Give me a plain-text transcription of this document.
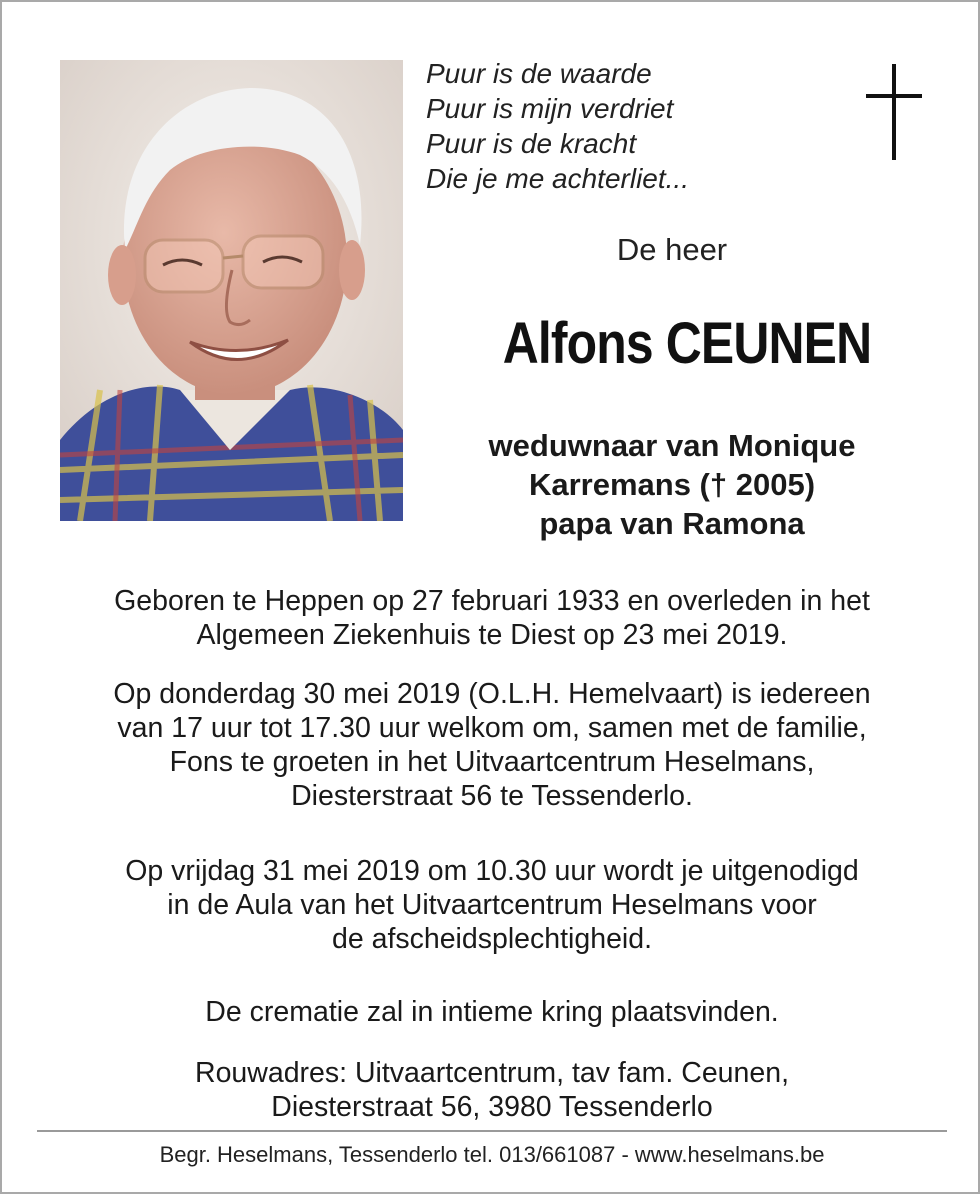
Puur is de waarde
Puur is mijn verdriet
Puur is de kracht
Die je me achterliet...
De heer
Alfons CEUNEN
weduwnaar van Monique
Karremans († 2005)
papa van Ramona
Geboren te Heppen op 27 februari 1933 en overleden in het
Algemeen Ziekenhuis te Diest op 23 mei 2019.
Op donderdag 30 mei 2019 (O.L.H. Hemelvaart) is iedereen
van 17 uur tot 17.30 uur welkom om, samen met de familie,
Fons te groeten in het Uitvaartcentrum Heselmans,
Diesterstraat 56 te Tessenderlo.
Op vrijdag 31 mei 2019 om 10.30 uur wordt je uitgenodigd
in de Aula van het Uitvaartcentrum Heselmans voor
de afscheidsplechtigheid.
De crematie zal in intieme kring plaatsvinden.
Rouwadres: Uitvaartcentrum, tav fam. Ceunen,
Diesterstraat 56, 3980 Tessenderlo
Begr. Heselmans, Tessenderlo tel. 013/661087 - www.heselmans.be
